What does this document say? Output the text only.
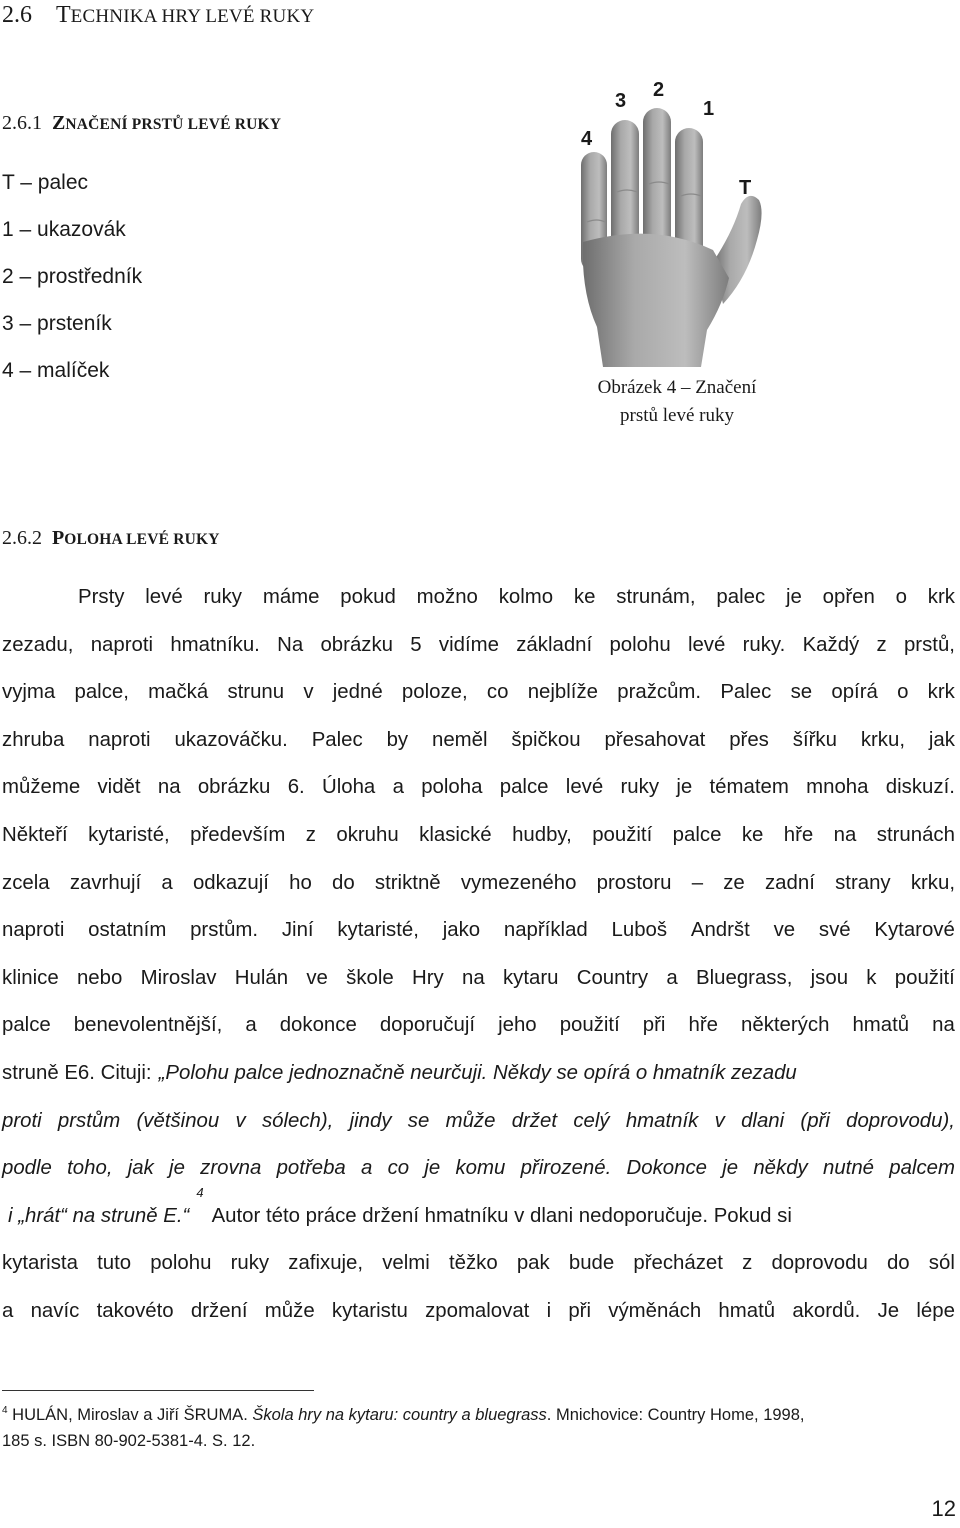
2.6 TECHNIKA HRY LEVÉ RUKY
2.6.1 ZNAČENÍ PRSTŮ LEVÉ RUKY
T – palec
1 – ukazovák
2 – prostředník
3 – prsteník
4 – malíček
4
3 2
1
T
Obrázek 4 – Značení
prstů levé ruky
2.6.2 POLOHA LEVÉ RUKY
Prsty levé ruky máme pokud možno kolmo ke strunám, palec je opřen o krk
zezadu, naproti hmatníku. Na obrázku 5 vidíme základní polohu levé ruky. Každý z prstů,
vyjma palce, mačká strunu v jedné poloze, co nejblíže pražcům. Palec se opírá o krk
zhruba naproti ukazováčku. Palec by neměl špičkou přesahovat přes šířku krku, jak
můžeme vidět na obrázku 6. Úloha a poloha palce levé ruky je tématem mnoha diskuzí.
Někteří kytaristé, především z okruhu klasické hudby, použití palce ke hře na strunách
zcela zavrhují a odkazují ho do striktně vymezeného prostoru – ze zadní strany krku,
naproti ostatním prstům. Jiní kytaristé, jako například Luboš Andršt ve své Kytarové
klinice nebo Miroslav Hulán ve škole Hry na kytaru Country a Bluegrass, jsou k použití
palce benevolentnější, a dokonce doporučují jeho použití při hře některých hmatů na
struně E6. Cituji: „Polohu palce jednoznačně neurčuji. Někdy se opírá o hmatník zezadu
proti prstům (většinou v sólech), jindy se může držet celý hmatník v dlani (při doprovodu),
podle toho, jak je zrovna potřeba a co je komu přirozené. Dokonce je někdy nutné palcem
i „hrát“ na struně E.“
4
Autor této práce držení hmatníku v dlani nedoporučuje. Pokud si
kytarista tuto polohu ruky zafixuje, velmi těžko pak bude přecházet z doprovodu do sól
a navíc takovéto držení může kytaristu zpomalovat i při výměnách hmatů akordů. Je lépe
$^4$ HULÁN, Miroslav a Jiří ŠRUMA. Škola hry na kytaru: country a bluegrass. Mnichovice: Country Home, 1998,
185 s. ISBN 80-902-5381-4. S. 12.
12
